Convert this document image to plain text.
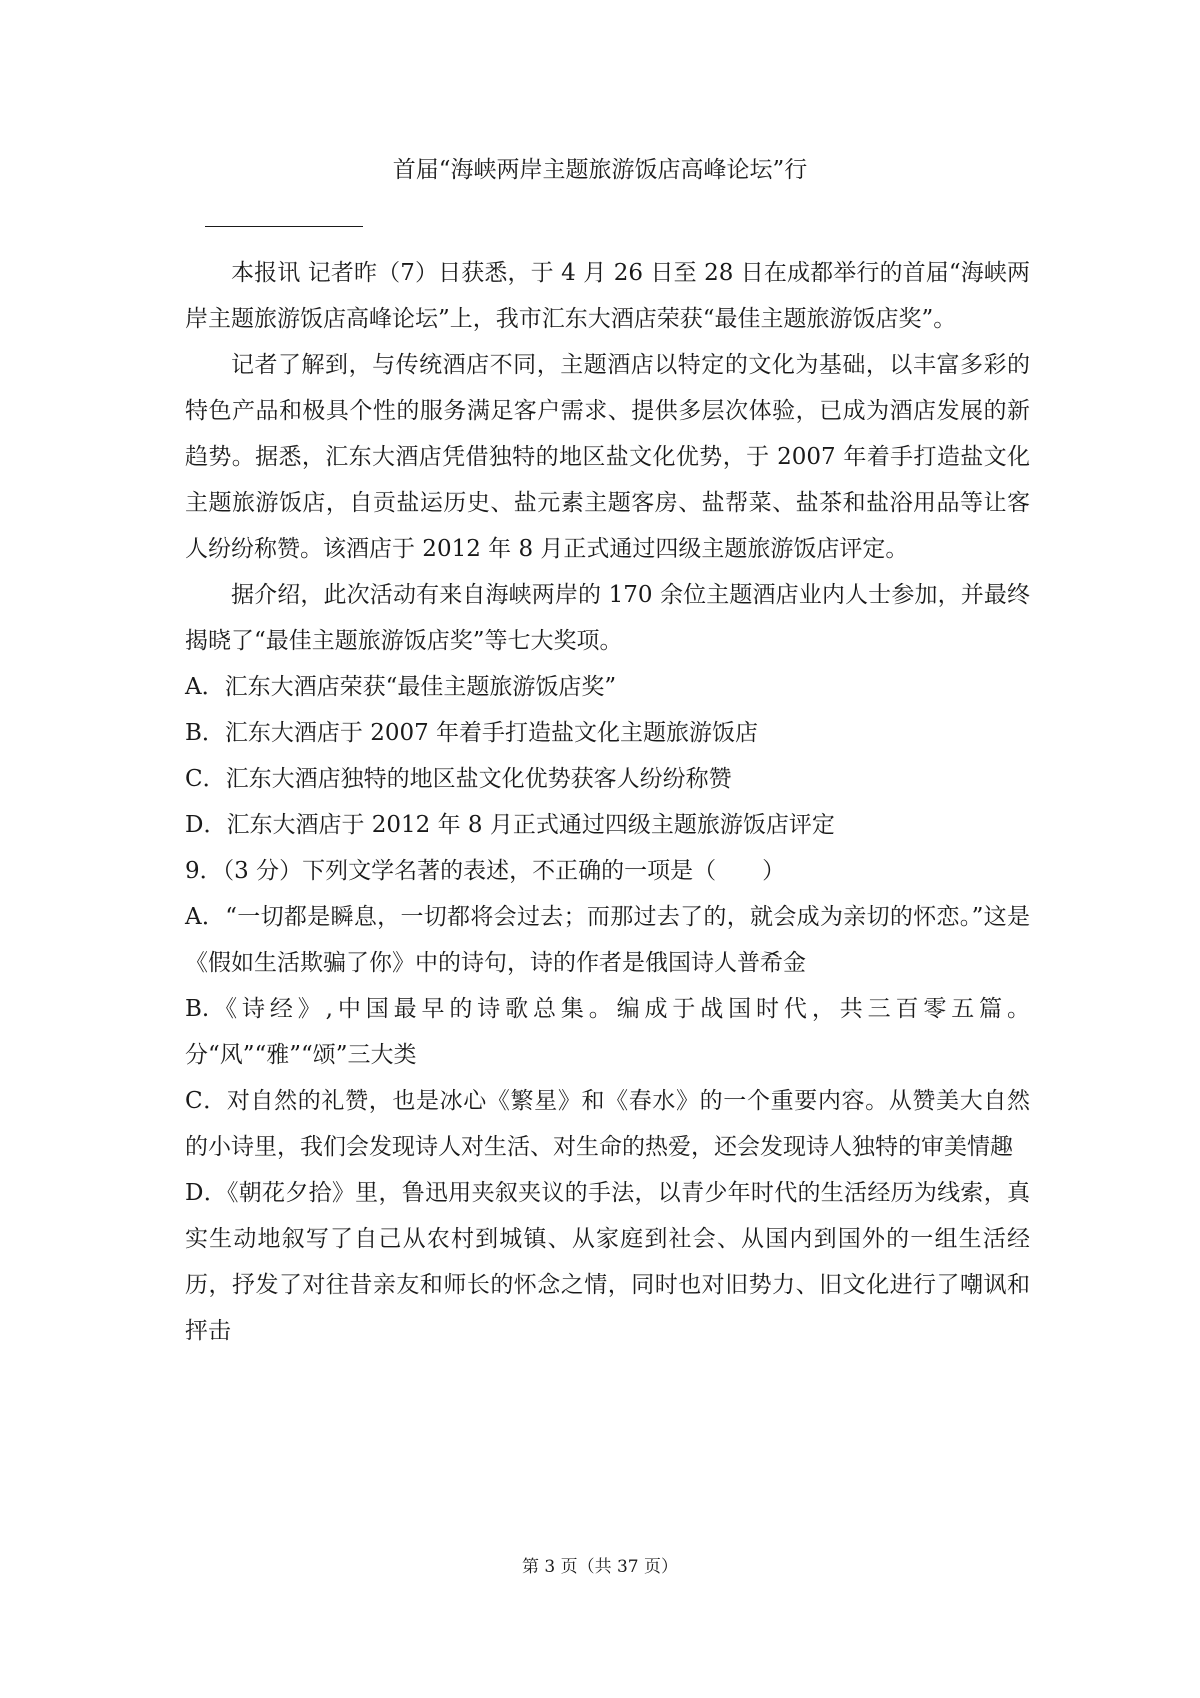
首届“海峡两岸主题旅游饭店高峰论坛”行

本报讯 记者昨（7）日获悉，于 4 月 26 日至 28 日在成都举行的首届“海峡两岸主题旅游饭店高峰论坛”上，我市汇东大酒店荣获“最佳主题旅游饭店奖”。

记者了解到，与传统酒店不同，主题酒店以特定的文化为基础，以丰富多彩的特色产品和极具个性的服务满足客户需求、提供多层次体验，已成为酒店发展的新趋势。据悉，汇东大酒店凭借独特的地区盐文化优势，于 2007 年着手打造盐文化主题旅游饭店，自贡盐运历史、盐元素主题客房、盐帮菜、盐茶和盐浴用品等让客人纷纷称赞。该酒店于 2012 年 8 月正式通过四级主题旅游饭店评定。

据介绍，此次活动有来自海峡两岸的 170 余位主题酒店业内人士参加，并最终揭晓了“最佳主题旅游饭店奖”等七大奖项。

A．汇东大酒店荣获“最佳主题旅游饭店奖”

B．汇东大酒店于 2007 年着手打造盐文化主题旅游饭店

C．汇东大酒店独特的地区盐文化优势获客人纷纷称赞

D．汇东大酒店于 2012 年 8 月正式通过四级主题旅游饭店评定

9．（3 分）下列文学名著的表述，不正确的一项是（　　）

A．“一切都是瞬息，一切都将会过去；而那过去了的，就会成为亲切的怀恋。”这是《假如生活欺骗了你》中的诗句，诗的作者是俄国诗人普希金

B.《诗经》,中国最早的诗歌总集。编成于战国时代，共三百零五篇。分“风”“雅”“颂”三大类

C．对自然的礼赞，也是冰心《繁星》和《春水》的一个重要内容。从赞美大自然的小诗里，我们会发现诗人对生活、对生命的热爱，还会发现诗人独特的审美情趣

D．《朝花夕拾》里，鲁迅用夹叙夹议的手法，以青少年时代的生活经历为线索，真实生动地叙写了自己从农村到城镇、从家庭到社会、从国内到国外的一组生活经历，抒发了对往昔亲友和师长的怀念之情，同时也对旧势力、旧文化进行了嘲讽和抨击

第 3 页（共 37 页）
